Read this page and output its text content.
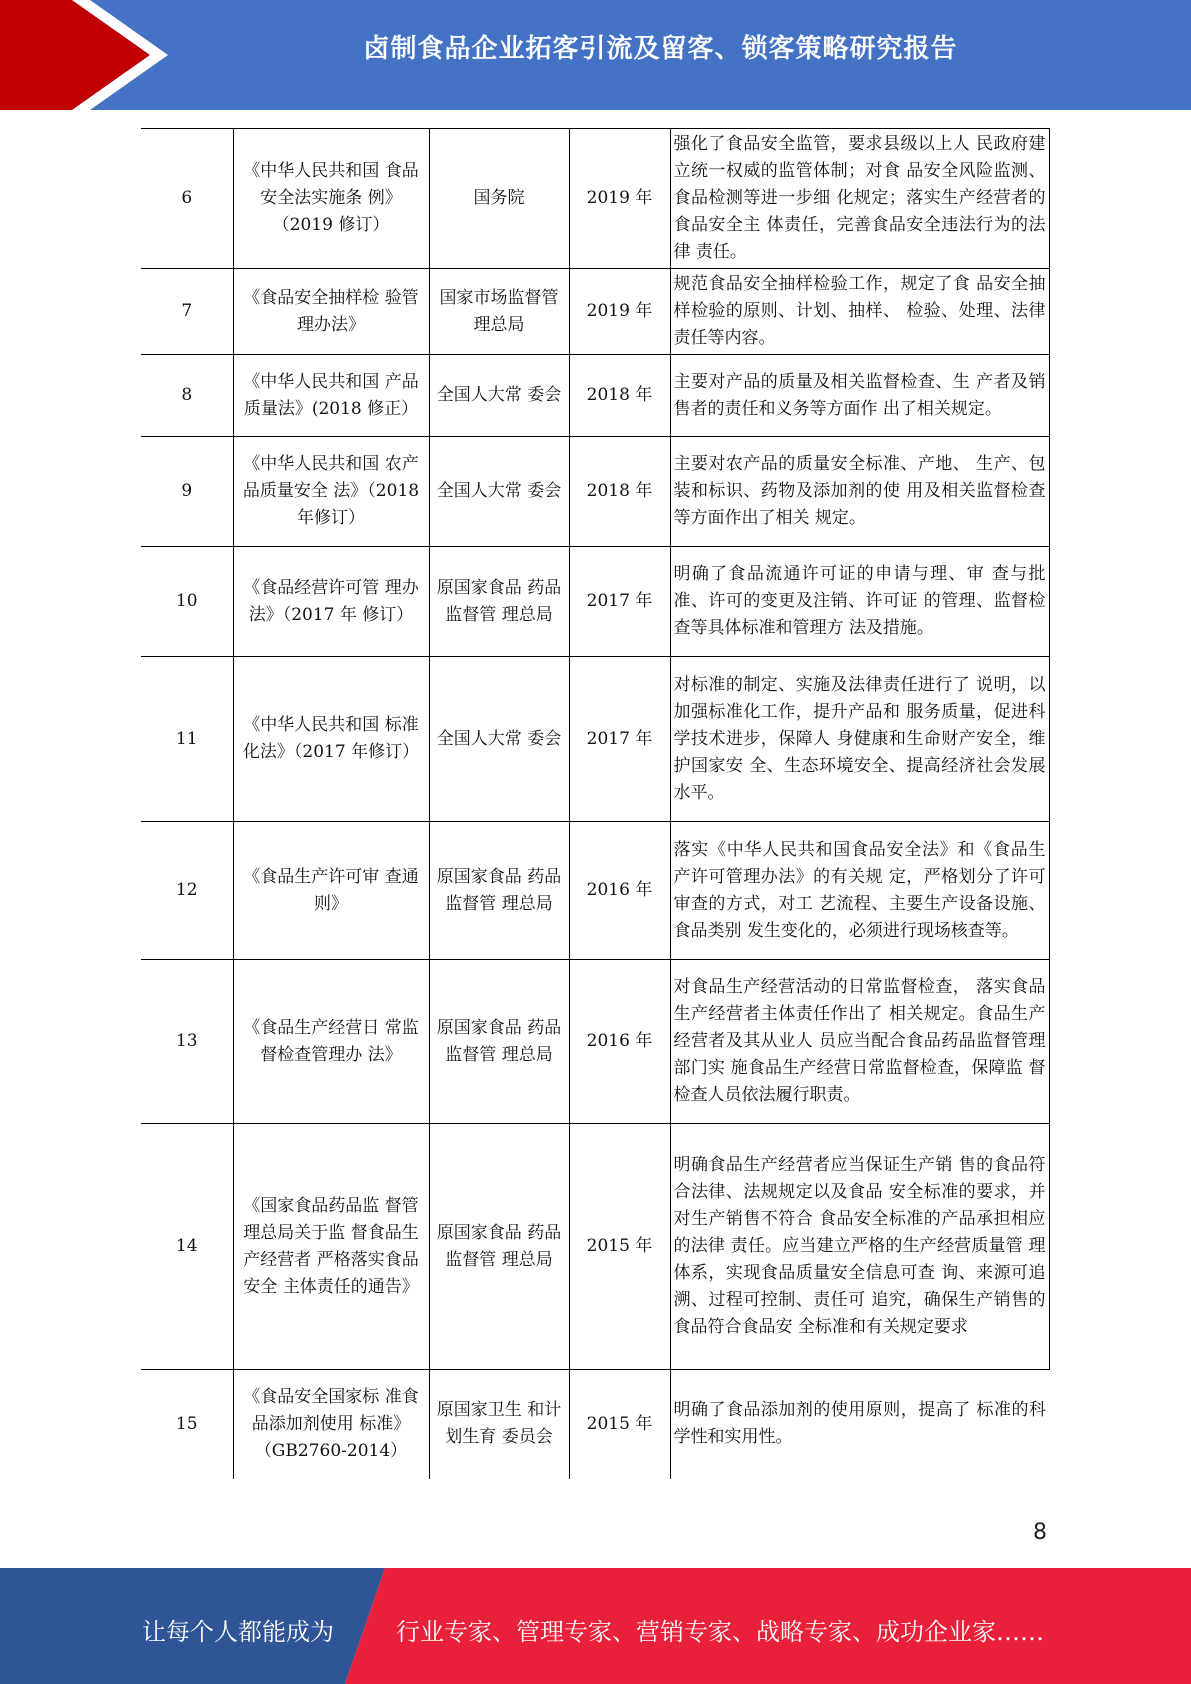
卤制食品企业拓客引流及留客、锁客策略研究报告
6	《中华人民共和国 食品安全法实施条 例》（2019 修订）	国务院	2019 年	强化了食品安全监管，要求县级以上人 民政府建立统一权威的监管体制；对食 品安全风险监测、食品检测等进一步细 化规定；落实生产经营者的食品安全主 体责任，完善食品安全违法行为的法律 责任。
7	《食品安全抽样检 验管理办法》	国家市场监督管理总局	2019 年	规范食品安全抽样检验工作，规定了食 品安全抽样检验的原则、计划、抽样、 检验、处理、法律责任等内容。
8	《中华人民共和国 产品质量法》(2018 修正）	全国人大常 委会	2018 年	主要对产品的质量及相关监督检查、生 产者及销售者的责任和义务等方面作 出了相关规定。
9	《中华人民共和国 农产品质量安全 法》（2018 年修订）	全国人大常 委会	2018 年	主要对农产品的质量安全标准、产地、 生产、包装和标识、药物及添加剂的使 用及相关监督检查等方面作出了相关 规定。
10	《食品经营许可管 理办法》（2017 年 修订）	原国家食品 药品监督管 理总局	2017 年	明确了食品流通许可证的申请与理、审 查与批准、许可的变更及注销、许可证 的管理、监督检查等具体标准和管理方 法及措施。
11	《中华人民共和国 标准化法》（2017 年修订）	全国人大常 委会	2017 年	对标准的制定、实施及法律责任进行了 说明，以加强标准化工作，提升产品和 服务质量，促进科学技术进步，保障人 身健康和生命财产安全，维护国家安 全、生态环境安全、提高经济社会发展 水平。
12	《食品生产许可审 查通则》	原国家食品 药品监督管 理总局	2016 年	落实《中华人民共和国食品安全法》和《食品生产许可管理办法》的有关规 定，严格划分了许可审查的方式，对工 艺流程、主要生产设备设施、食品类别 发生变化的，必须进行现场核查等。
13	《食品生产经营日 常监督检查管理办 法》	原国家食品 药品监督管 理总局	2016 年	对食品生产经营活动的日常监督检查， 落实食品生产经营者主体责任作出了 相关规定。食品生产经营者及其从业人 员应当配合食品药品监督管理部门实 施食品生产经营日常监督检查，保障监 督检查人员依法履行职责。
14	《国家食品药品监 督管理总局关于监 督食品生产经营者 严格落实食品安全 主体责任的通告》	原国家食品 药品监督管 理总局	2015 年	明确食品生产经营者应当保证生产销 售的食品符合法律、法规规定以及食品 安全标准的要求，并对生产销售不符合 食品安全标准的产品承担相应的法律 责任。应当建立严格的生产经营质量管 理体系，实现食品质量安全信息可查 询、来源可追溯、过程可控制、责任可 追究，确保生产销售的食品符合食品安 全标准和有关规定要求
15	《食品安全国家标 准食品添加剂使用 标准》（GB2760-2014）	原国家卫生 和计划生育 委员会	2015 年	明确了食品添加剂的使用原则，提高了 标准的科学性和实用性。
8
让每个人都能成为	行业专家、管理专家、营销专家、战略专家、成功企业家……
